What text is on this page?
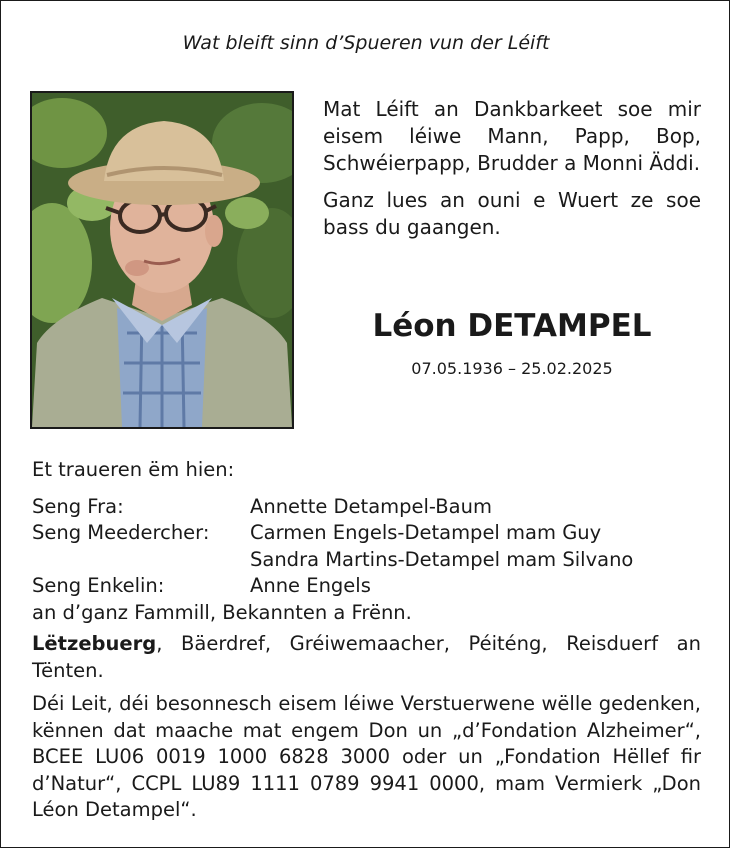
Wat bleift sinn d’Spueren vun der Léift

Mat Léift an Dankbarkeet soe mir eisem léiwe Mann, Papp, Bop, Schwéierpapp, Brudder a Monni Äddi.

Ganz lues an ouni e Wuert ze soe bass du gaangen.

Léon DETAMPEL
07.05.1936 – 25.02.2025
Et traueren ëm hien:
Seng Fra:	Annette Detampel-Baum
Seng Meedercher:	Carmen Engels-Detampel mam Guy
Sandra Martins-Detampel mam Silvano
Seng Enkelin:	Anne Engels
an d’ganz Fammill, Bekannten a Frënn.
Lëtzebuerg, Bäerdref, Gréiwemaacher, Péiténg, Reisduerf an Tënten.
Déi Leit, déi besonnesch eisem léiwe Verstuerwene wëlle gedenken, kënnen dat maache mat engem Don un „d’Fondation Alzheimer“, BCEE LU06 0019 1000 6828 3000 oder un „Fondation Hëllef fir d’Natur“, CCPL LU89 1111 0789 9941 0000, mam Vermierk „Don Léon Detampel“.
